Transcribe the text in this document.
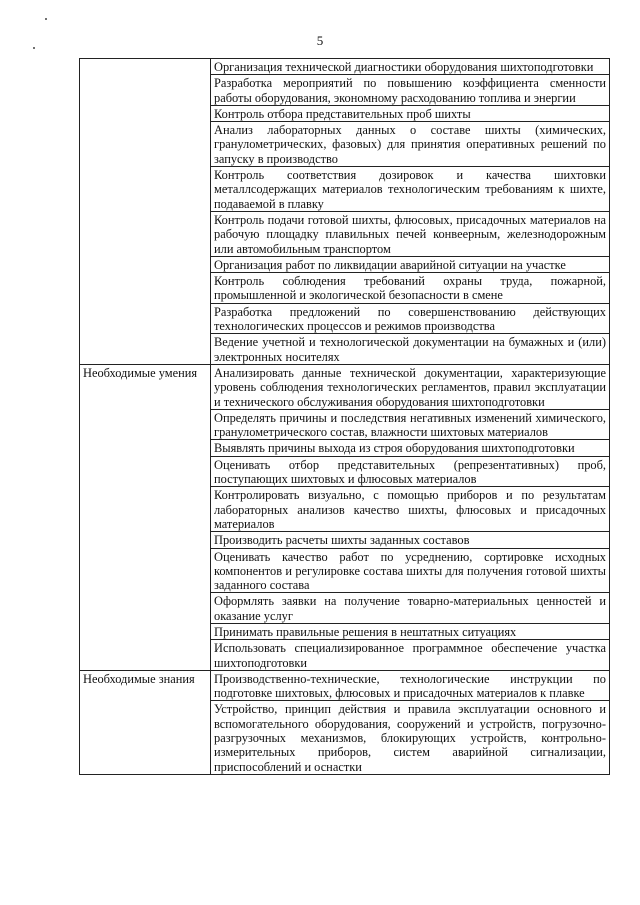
5
	Организация технической диагностики оборудования шихтоподготовки
	Разработка мероприятий по повышению коэффициента сменности работы оборудования, экономному расходованию топлива и энергии
	Контроль отбора представительных проб шихты
	Анализ лабораторных данных о составе шихты (химических, гранулометрических, фазовых) для принятия оперативных решений по запуску в производство
	Контроль соответствия дозировок и качества шихтовки металлсодержащих материалов технологическим требованиям к шихте, подаваемой в плавку
	Контроль подачи готовой шихты, флюсовых, присадочных материалов на рабочую площадку плавильных печей конвеерным, железнодорожным или автомобильным транспортом
	Организация работ по ликвидации аварийной ситуации на участке
	Контроль соблюдения требований охраны труда, пожарной, промышленной и экологической безопасности в смене
	Разработка предложений по совершенствованию действующих технологических процессов и режимов производства
	Ведение учетной и технологической документации на бумажных и (или) электронных носителях
Необходимые умения	Анализировать данные технической документации, характеризующие уровень соблюдения технологических регламентов, правил эксплуатации и технического обслуживания оборудования шихтоподготовки
	Определять причины и последствия негативных изменений химического, гранулометрического состав, влажности шихтовых материалов
	Выявлять причины выхода из строя оборудования шихтоподготовки
	Оценивать отбор представительных (репрезентативных) проб, поступающих шихтовых и флюсовых материалов
	Контролировать визуально, с помощью приборов и по результатам лабораторных анализов качество шихты, флюсовых и присадочных материалов
	Производить расчеты шихты заданных составов
	Оценивать качество работ по усреднению, сортировке исходных компонентов и регулировке состава шихты для получения готовой шихты заданного состава
	Оформлять заявки на получение товарно-материальных ценностей и оказание услуг
	Принимать правильные решения в нештатных ситуациях
	Использовать специализированное программное обеспечение участка шихтоподготовки
Необходимые знания	Производственно-технические, технологические инструкции по подготовке шихтовых, флюсовых и присадочных материалов к плавке
	Устройство, принцип действия и правила эксплуатации основного и вспомогательного оборудования, сооружений и устройств, погрузочно-разгрузочных механизмов, блокирующих устройств, контрольно-измерительных приборов, систем аварийной сигнализации, приспособлений и оснастки
